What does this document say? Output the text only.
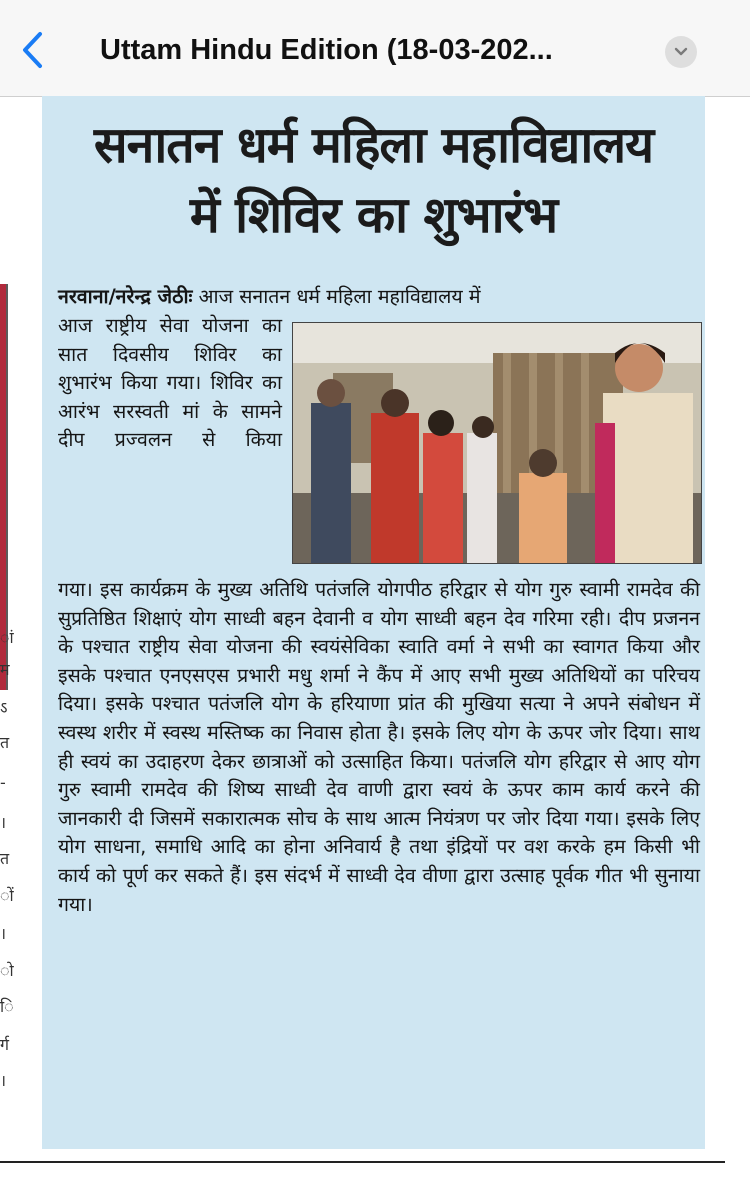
Uttam Hindu Edition (18-03-202...
ां
म
ऽ
त
-
।
त
ों
।
ो
ि
र्ग
।
सनातन धर्म महिला महाविद्यालय
में शिविर का शुभारंभ
नरवाना/नरेन्द्र जेठीः आज सनातन धर्म महिला महाविद्यालय में
आज राष्ट्रीय सेवा योजना का सात दिवसीय शिविर का शुभारंभ किया गया। शिविर का आरंभ सरस्वती मां के सामने दीप प्रज्वलन से किया
गया। इस कार्यक्रम के मुख्य अतिथि पतंजलि योगपीठ हरिद्वार से योग गुरु स्वामी रामदेव की सुप्रतिष्ठित शिक्षाएं योग साध्वी बहन देवानी व योग साध्वी बहन देव गरिमा रही। दीप प्रजनन के पश्चात राष्ट्रीय सेवा योजना की स्वयंसेविका स्वाति वर्मा ने सभी का स्वागत किया और इसके पश्चात एनएसएस प्रभारी मधु शर्मा ने कैंप में आए सभी मुख्य अतिथियों का परिचय दिया। इसके पश्चात पतंजलि योग के हरियाणा प्रांत की मुखिया सत्या ने अपने संबोधन में स्वस्थ शरीर में स्वस्थ मस्तिष्क का निवास होता है। इसके लिए योग के ऊपर जोर दिया। साथ ही स्वयं का उदाहरण देकर छात्राओं को उत्साहित किया। पतंजलि योग हरिद्वार से आए योग गुरु स्वामी रामदेव की शिष्य साध्वी देव वाणी द्वारा स्वयं के ऊपर काम कार्य करने की जानकारी दी जिसमें सकारात्मक सोच के साथ आत्म नियंत्रण पर जोर दिया गया। इसके लिए योग साधना, समाधि आदि का होना अनिवार्य है तथा इंद्रियों पर वश करके हम किसी भी कार्य को पूर्ण कर सकते हैं। इस संदर्भ में साध्वी देव वीणा द्वारा उत्साह पूर्वक गीत भी सुनाया गया।
